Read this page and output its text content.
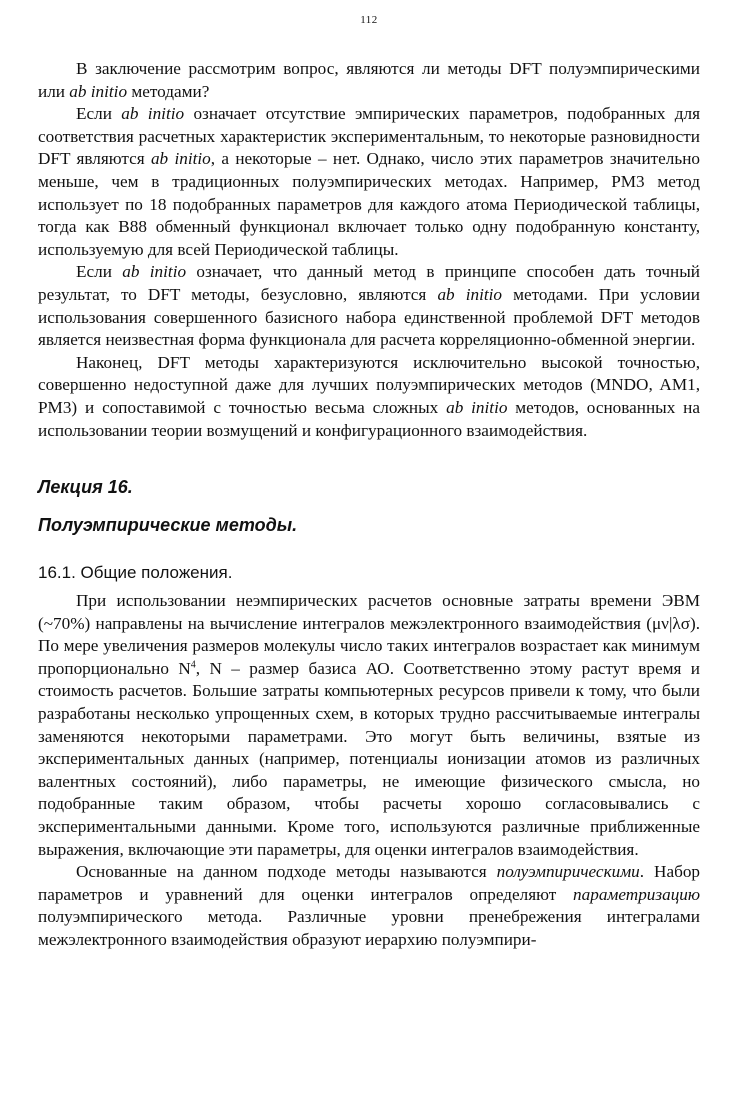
112

В заключение рассмотрим вопрос, являются ли методы DFT полуэмпирическими или ab initio методами?

Если ab initio означает отсутствие эмпирических параметров, подобранных для соответствия расчетных характеристик экспериментальным, то некоторые разновидности DFT являются ab initio, а некоторые – нет. Однако, число этих параметров значительно меньше, чем в традиционных полуэмпирических методах. Например, PM3 метод использует по 18 подобранных параметров для каждого атома Периодической таблицы, тогда как B88 обменный функционал включает только одну подобранную константу, используемую для всей Периодической таблицы.

Если ab initio означает, что данный метод в принципе способен дать точный результат, то DFT методы, безусловно, являются ab initio методами. При условии использования совершенного базисного набора единственной проблемой DFT методов является неизвестная форма функционала для расчета корреляционно-обменной энергии.

Наконец, DFT методы характеризуются исключительно высокой точностью, совершенно недоступной даже для лучших полуэмпирических методов (MNDO, AM1, PM3) и сопоставимой с точностью весьма сложных ab initio методов, основанных на использовании теории возмущений и конфигурационного взаимодействия.

Лекция 16.
Полуэмпирические методы.
16.1. Общие положения.

При использовании неэмпирических расчетов основные затраты времени ЭВМ (~70%) направлены на вычисление интегралов межэлектронного взаимодействия (μν|λσ). По мере увеличения размеров молекулы число таких интегралов возрастает как минимум пропорционально $N^4$, N – размер базиса АО. Соответственно этому растут время и стоимость расчетов. Большие затраты компьютерных ресурсов привели к тому, что были разработаны несколько упрощенных схем, в которых трудно рассчитываемые интегралы заменяются некоторыми параметрами. Это могут быть величины, взятые из экспериментальных данных (например, потенциалы ионизации атомов из различных валентных состояний), либо параметры, не имеющие физического смысла, но подобранные таким образом, чтобы расчеты хорошо согласовывались с экспериментальными данными. Кроме того, используются различные приближенные выражения, включающие эти параметры, для оценки интегралов взаимодействия.

Основанные на данном подходе методы называются полуэмпирическими. Набор параметров и уравнений для оценки интегралов определяют параметризацию полуэмпирического метода. Различные уровни пренебрежения интегралами межэлектронного взаимодействия образуют иерархию полуэмпири-
